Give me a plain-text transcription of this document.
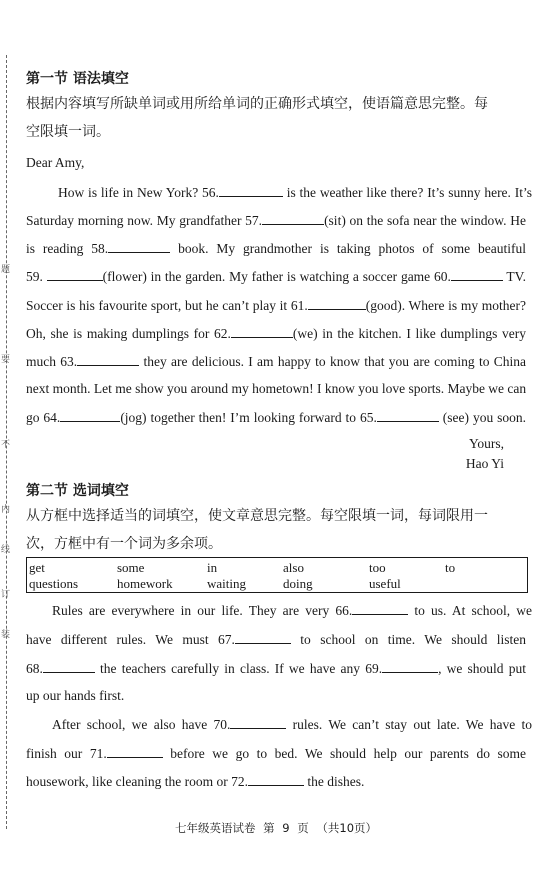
题
要
不
内
线
订
装
第一节 语法填空
根据内容填写所缺单词或用所给单词的正确形式填空，使语篇意思完整。每
空限填一词。
Dear Amy,
How is life in New York? 56.	is the weather like there? It’s sunny here. It’s
Saturday morning now. My grandfather 57.	(sit) on the sofa near the window. He
is reading 58.	book. My grandmother is taking photos of some beautiful
59.	(flower) in the garden. My father is watching a soccer game 60.	TV.
Soccer is his favourite sport, but he can’t play it 61.	(good). Where is my mother?
Oh, she is making dumplings for 62.	(we) in the kitchen. I like dumplings very
much 63.	they are delicious. I am happy to know that you are coming to China
next month. Let me show you around my hometown! I know you love sports. Maybe we can
go 64.	(jog) together then! I’m looking forward to 65.	(see) you soon.
Yours,
Hao Yi
第二节 选词填空
从方框中选择适当的词填空，使文章意思完整。每空限填一词，每词限用一
次，方框中有一个词为多余项。
get	some	in	also	too	to
questions	homework	waiting	doing	useful
Rules are everywhere in our life. They are very 66.	to us. At school, we
have different rules. We must 67.	to school on time. We should listen
68.	the teachers carefully in class. If we have any 69.	, we should put
up our hands first.
After school, we also have 70.	rules. We can’t stay out late. We have to
finish our 71.	before we go to bed. We should help our parents do some
housework, like cleaning the room or 72.	the dishes.
七年级英语试卷 第 9 页 （共10页）
